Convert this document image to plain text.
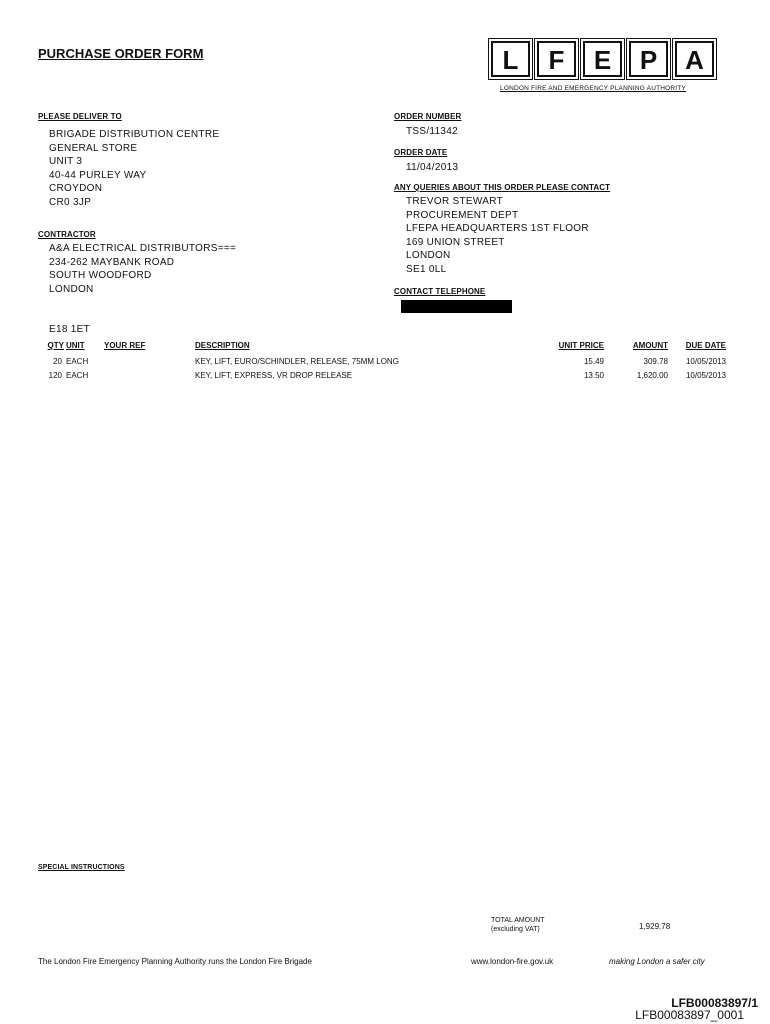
PURCHASE ORDER FORM	L F E P A
LONDON FIRE AND EMERGENCY PLANNING AUTHORITY
PLEASE DELIVER TO
BRIGADE DISTRIBUTION CENTRE
GENERAL STORE
UNIT 3
40-44 PURLEY WAY
CROYDON
CR0 3JP
CONTRACTOR
A&A ELECTRICAL DISTRIBUTORS===
234-262 MAYBANK ROAD
SOUTH WOODFORD
LONDON
E18 1ET
ORDER NUMBER
TSS/11342
ORDER DATE
11/04/2013
ANY QUERIES ABOUT THIS ORDER PLEASE CONTACT
TREVOR STEWART
PROCUREMENT DEPT
LFEPA HEADQUARTERS 1ST FLOOR
169 UNION STREET
LONDON
SE1 0LL
CONTACT TELEPHONE
QTY	UNIT	YOUR REF	DESCRIPTION	UNIT PRICE	AMOUNT	DUE DATE
20	EACH		KEY, LIFT, EURO/SCHINDLER, RELEASE, 75MM LONG	15.49	309.78	10/05/2013
120	EACH		KEY, LIFT, EXPRESS, VR DROP RELEASE	13.50	1,620.00	10/05/2013
SPECIAL INSTRUCTIONS
TOTAL AMOUNT
(excluding VAT)	1,929.78
The London Fire Emergency Planning Authority runs the London Fire Brigade	www.london-fire.gov.uk	making London a safer city
LFB00083897/1
LFB00083897_0001
